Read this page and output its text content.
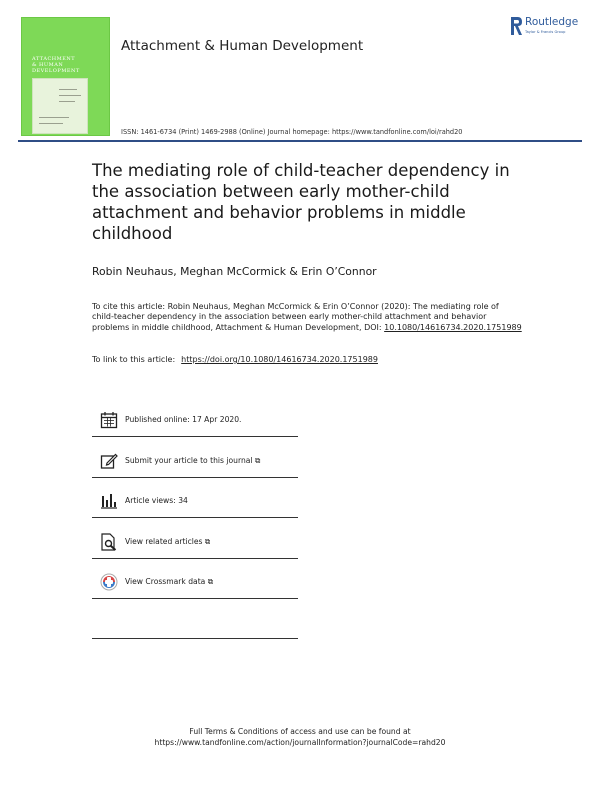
ATTACHMENT
& HUMAN
DEVELOPMENT
Attachment & Human Development
Routledge
Taylor & Francis Group
ISSN: 1461-6734 (Print) 1469-2988 (Online) Journal homepage: https://www.tandfonline.com/loi/rahd20
The mediating role of child-teacher dependency in the association between early mother-child attachment and behavior problems in middle childhood
Robin Neuhaus, Meghan McCormick & Erin O’Connor
To cite this article: Robin Neuhaus, Meghan McCormick & Erin O’Connor (2020): The mediating role of child-teacher dependency in the association between early mother-child attachment and behavior problems in middle childhood, Attachment & Human Development, DOI: 10.1080/14616734.2020.1751989
To link to this article: https://doi.org/10.1080/14616734.2020.1751989
Published online: 17 Apr 2020.
Submit your article to this journal ⧉
Article views: 34
View related articles ⧉
View Crossmark data ⧉
Full Terms & Conditions of access and use can be found at
https://www.tandfonline.com/action/journalInformation?journalCode=rahd20
